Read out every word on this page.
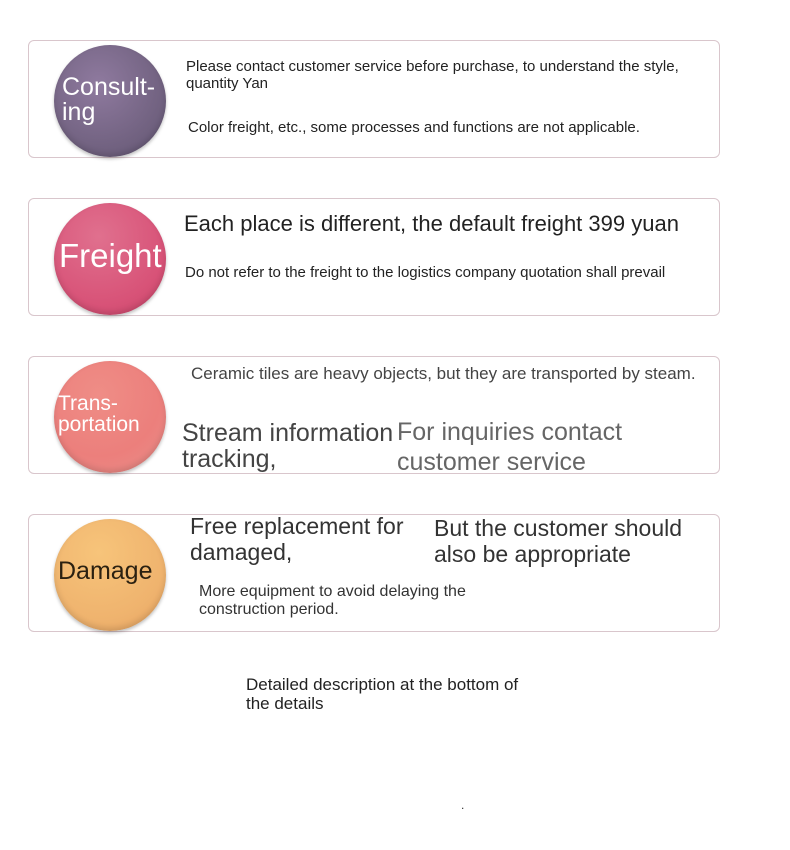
Consult-
ing
Please contact customer service before purchase, to understand the style, quantity Yan
Color freight, etc., some processes and functions are not applicable.
Freight
Each place is different, the default freight 399 yuan
Do not refer to the freight to the logistics company quotation shall prevail
Trans-
portation
Ceramic tiles are heavy objects, but they are transported by steam.
Stream information tracking,
For inquiries contact customer service
Damage
Free replacement for damaged,
But the customer should also be appropriate
More equipment to avoid delaying the construction period.
Detailed description at the bottom of the details
.
